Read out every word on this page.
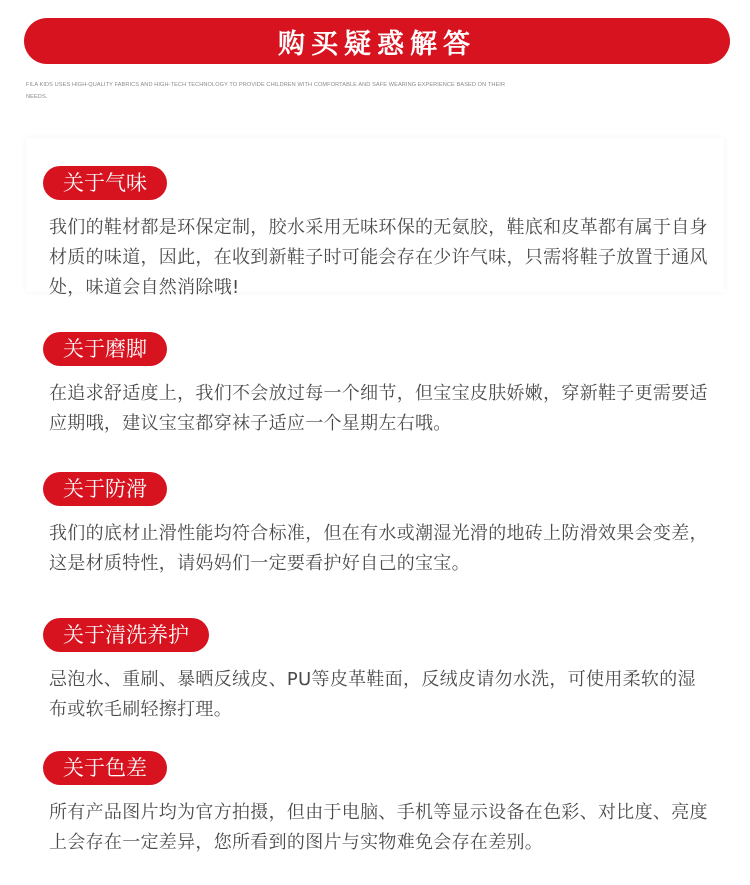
购买疑惑解答
FILA KIDS USES HIGH-QUALITY FABRICS AND HIGH-TECH TECHNOLOGY TO PROVIDE CHILDREN WITH COMFORTABLE AND SAFE WEARING EXPERIENCE BASED ON THEIR NEEDS.
关于气味
我们的鞋材都是环保定制，胶水采用无味环保的无氨胶，鞋底和皮革都有属于自身材质的味道，因此，在收到新鞋子时可能会存在少许气味，只需将鞋子放置于通风处，味道会自然消除哦!
关于磨脚
在追求舒适度上，我们不会放过每一个细节，但宝宝皮肤娇嫩，穿新鞋子更需要适应期哦，建议宝宝都穿袜子适应一个星期左右哦。
关于防滑
我们的底材止滑性能均符合标准，但在有水或潮湿光滑的地砖上防滑效果会变差，这是材质特性，请妈妈们一定要看护好自己的宝宝。
关于清洗养护
忌泡水、重刷、暴晒反绒皮、PU等皮革鞋面，反绒皮请勿水洗，可使用柔软的湿布或软毛刷轻擦打理。
关于色差
所有产品图片均为官方拍摄，但由于电脑、手机等显示设备在色彩、对比度、亮度上会存在一定差异，您所看到的图片与实物难免会存在差别。
